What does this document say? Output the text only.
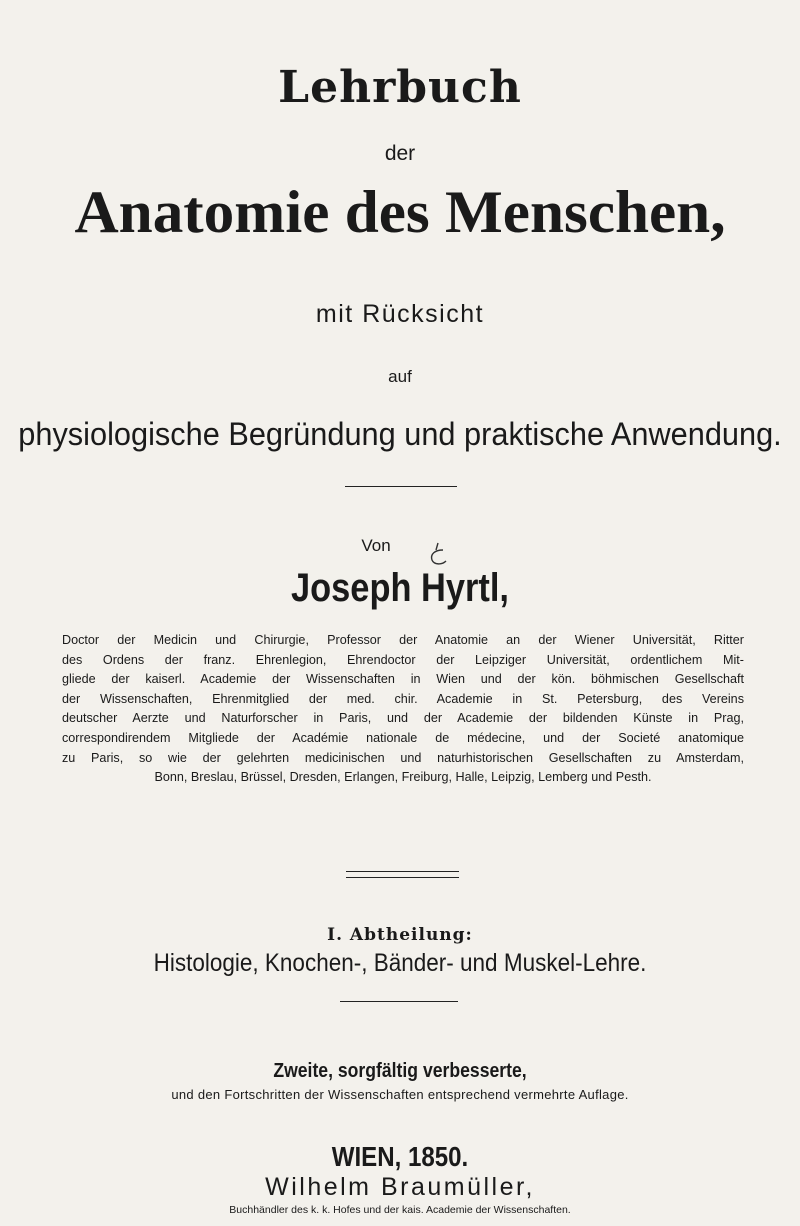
Lehrbuch
der
Anatomie des Menschen,
mit Rücksicht
auf
physiologische Begründung und praktische Anwendung.
Von
Joseph Hyrtl,
Doctor der Medicin und Chirurgie, Professor der Anatomie an der Wiener Universität, Ritter
des Ordens der franz. Ehrenlegion, Ehrendoctor der Leipziger Universität, ordentlichem Mit-
gliede der kaiserl. Academie der Wissenschaften in Wien und der kön. böhmischen Gesellschaft
der Wissenschaften, Ehrenmitglied der med. chir. Academie in St. Petersburg, des Vereins
deutscher Aerzte und Naturforscher in Paris, und der Academie der bildenden Künste in Prag,
correspondirendem Mitgliede der Académie nationale de médecine, und der Societé anatomique
zu Paris, so wie der gelehrten medicinischen und naturhistorischen Gesellschaften zu Amsterdam,
Bonn, Breslau, Brüssel, Dresden, Erlangen, Freiburg, Halle, Leipzig, Lemberg und Pesth.
I. Abtheilung:
Histologie, Knochen-, Bänder- und Muskel-Lehre.
Zweite, sorgfältig verbesserte,
und den Fortschritten der Wissenschaften entsprechend vermehrte Auflage.
WIEN, 1850.
Wilhelm Braumüller,
Buchhändler des k. k. Hofes und der kais. Academie der Wissenschaften.
